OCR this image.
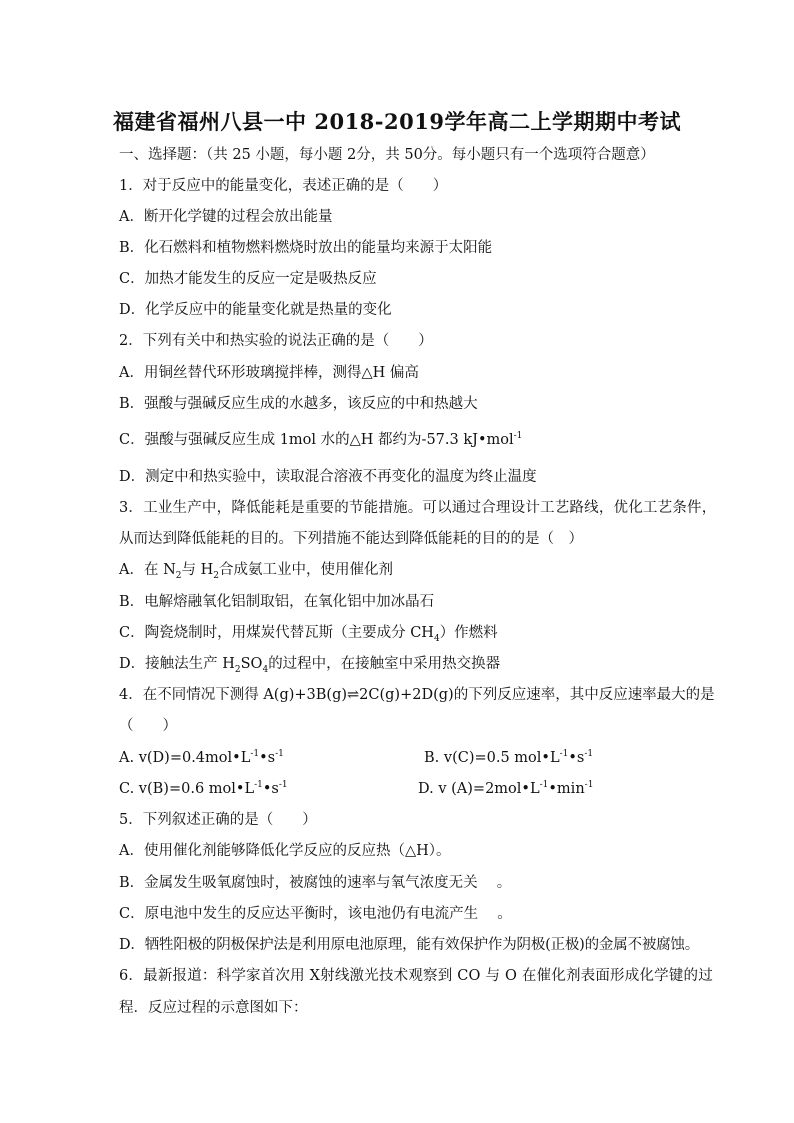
福建省福州八县一中 2018-2019学年高二上学期期中考试
一、选择题：（共 25 小题，每小题 2分，共 50分。每小题只有一个选项符合题意）
1．对于反应中的能量变化，表述正确的是（　　）
A．断开化学键的过程会放出能量
B．化石燃料和植物燃料燃烧时放出的能量均来源于太阳能
C．加热才能发生的反应一定是吸热反应
D．化学反应中的能量变化就是热量的变化
2．下列有关中和热实验的说法正确的是（　　）
A．用铜丝替代环形玻璃搅拌棒，测得△H 偏高
B．强酸与强碱反应生成的水越多，该反应的中和热越大
C．强酸与强碱反应生成 1mol 水的△H 都约为-57.3 kJ•mol$^{-1}$
D．测定中和热实验中，读取混合溶液不再变化的温度为终止温度
3．工业生产中，降低能耗是重要的节能措施。可以通过合理设计工艺路线，优化工艺条件，
从而达到降低能耗的目的。下列措施不能达到降低能耗的目的的是（　）
A．在 $N_2$与 $H_2$合成氨工业中，使用催化剂
B．电解熔融氧化铝制取铝，在氧化铝中加冰晶石
C．陶瓷烧制时，用煤炭代替瓦斯（主要成分 $CH_4$）作燃料
D．接触法生产 $H_2SO_4$的过程中，在接触室中采用热交换器
4．在不同情况下测得 A(g)+3B(g)⇌2C(g)+2D(g)的下列反应速率，其中反应速率最大的是
（　　）
A. $v(D)=0.4mol•L^{-1}•s^{-1}$	B. v(C)=0.5 $mol•L^{-1}•s^{-1}$
C. v(B)=0.6 $mol•L^{-1}•s^{-1}$	D. v $(A)=2mol•L^{-1}•\min^{-1}$
5．下列叙述正确的是（　　）
A．使用催化剂能够降低化学反应的反应热（△H）。
B．金属发生吸氧腐蚀时，被腐蚀的速率与氧气浓度无关　 。
C．原电池中发生的反应达平衡时，该电池仍有电流产生　 。
D．牺牲阳极的阴极保护法是利用原电池原理，能有效保护作为阴极(正极)的金属不被腐蚀。
6．最新报道：科学家首次用 X射线激光技术观察到 CO 与 O 在催化剂表面形成化学键的过
程．反应过程的示意图如下：
